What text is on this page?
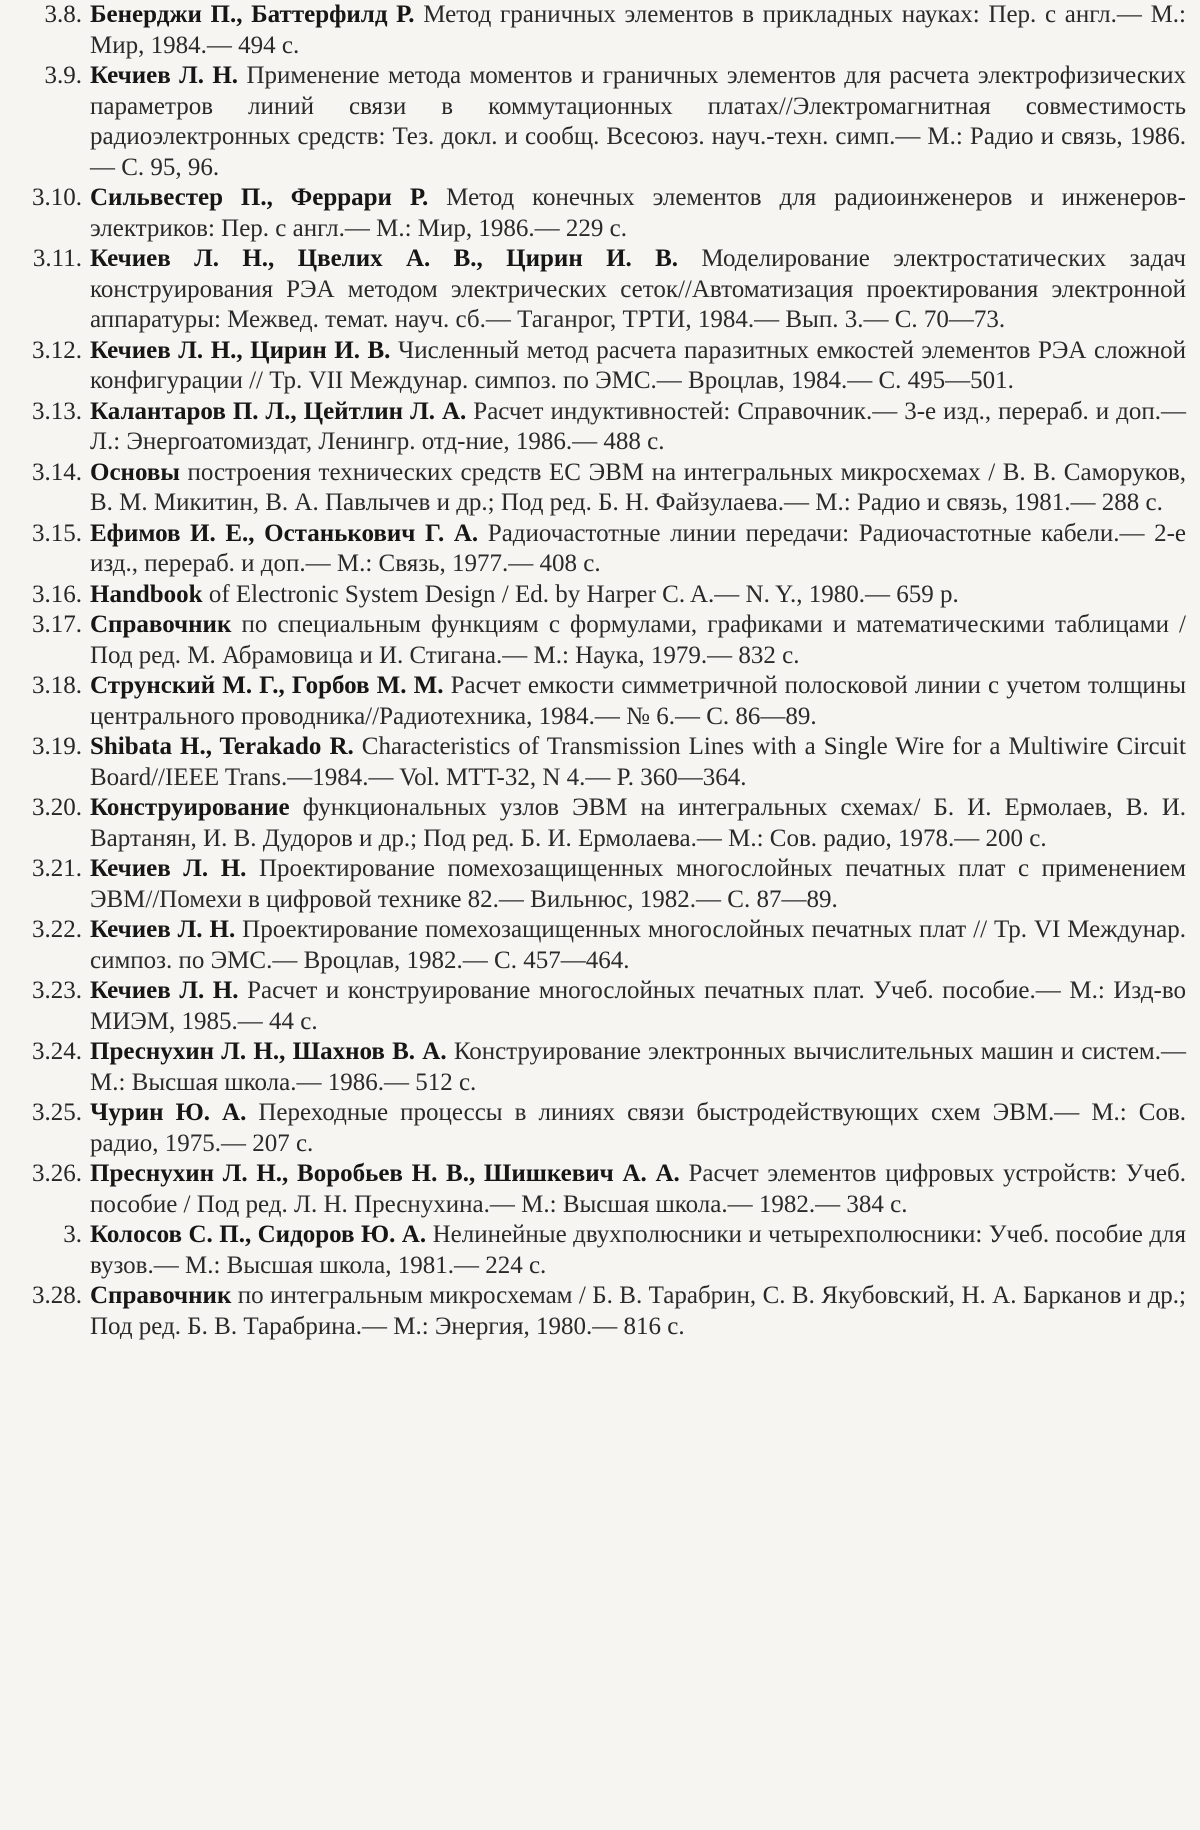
3.8. Бенерджи П., Баттерфилд Р. Метод граничных элементов в прикладных науках: Пер. с англ.— М.: Мир, 1984.— 494 с.
3.9. Кечиев Л. Н. Применение метода моментов и граничных элементов для расчета электрофизических параметров линий связи в коммутационных платах//Электромагнитная совместимость радиоэлектронных средств: Тез. докл. и сообщ. Всесоюз. науч.-техн. симп.— М.: Радио и связь, 1986.— С. 95, 96.
3.10. Сильвестер П., Феррари Р. Метод конечных элементов для радиоинженеров и инженеров-электриков: Пер. с англ.— М.: Мир, 1986.— 229 с.
3.11. Кечиев Л. Н., Цвелих А. В., Цирин И. В. Моделирование электростатических задач конструирования РЭА методом электрических сеток//Автоматизация проектирования электронной аппаратуры: Межвед. темат. науч. сб.— Таганрог, ТРТИ, 1984.— Вып. 3.— С. 70—73.
3.12. Кечиев Л. Н., Цирин И. В. Численный метод расчета паразитных емкостей элементов РЭА сложной конфигурации // Тр. VII Междунар. симпоз. по ЭМС.— Вроцлав, 1984.— С. 495—501.
3.13. Калантаров П. Л., Цейтлин Л. А. Расчет индуктивностей: Справочник.— 3-е изд., перераб. и доп.— Л.: Энергоатомиздат, Ленингр. отд-ние, 1986.— 488 с.
3.14. Основы построения технических средств ЕС ЭВМ на интегральных микросхемах / В. В. Саморуков, В. М. Микитин, В. А. Павлычев и др.; Под ред. Б. Н. Файзулаева.— М.: Радио и связь, 1981.— 288 с.
3.15. Ефимов И. Е., Останькович Г. А. Радиочастотные линии передачи: Радиочастотные кабели.— 2-е изд., перераб. и доп.— М.: Связь, 1977.— 408 с.
3.16. Handbook of Electronic System Design / Ed. by Harper C. A.— N. Y., 1980.— 659 p.
3.17. Справочник по специальным функциям с формулами, графиками и математическими таблицами / Под ред. М. Абрамовица и И. Стигана.— М.: Наука, 1979.— 832 с.
3.18. Струнский М. Г., Горбов М. М. Расчет емкости симметричной полосковой линии с учетом толщины центрального проводника//Радиотехника, 1984.— № 6.— С. 86—89.
3.19. Shibata H., Terakado R. Characteristics of Transmission Lines with a Single Wire for a Multiwire Circuit Board//IEEE Trans.—1984.— Vol. MTT-32, N 4.— P. 360—364.
3.20. Конструирование функциональных узлов ЭВМ на интегральных схемах/ Б. И. Ермолаев, В. И. Вартанян, И. В. Дудоров и др.; Под ред. Б. И. Ермолаева.— М.: Сов. радио, 1978.— 200 с.
3.21. Кечиев Л. Н. Проектирование помехозащищенных многослойных печатных плат с применением ЭВМ//Помехи в цифровой технике 82.— Вильнюс, 1982.— С. 87—89.
3.22. Кечиев Л. Н. Проектирование помехозащищенных многослойных печатных плат // Тр. VI Междунар. симпоз. по ЭМС.— Вроцлав, 1982.— С. 457—464.
3.23. Кечиев Л. Н. Расчет и конструирование многослойных печатных плат. Учеб. пособие.— М.: Изд-во МИЭМ, 1985.— 44 с.
3.24. Преснухин Л. Н., Шахнов В. А. Конструирование электронных вычислительных машин и систем.— М.: Высшая школа.— 1986.— 512 с.
3.25. Чурин Ю. А. Переходные процессы в линиях связи быстродействующих схем ЭВМ.— М.: Сов. радио, 1975.— 207 с.
3.26. Преснухин Л. Н., Воробьев Н. В., Шишкевич А. А. Расчет элементов цифровых устройств: Учеб. пособие / Под ред. Л. Н. Преснухина.— М.: Высшая школа.— 1982.— 384 с.
3. Колосов С. П., Сидоров Ю. А. Нелинейные двухполюсники и четырехполюсники: Учеб. пособие для вузов.— М.: Высшая школа, 1981.— 224 с.
3.28. Справочник по интегральным микросхемам / Б. В. Тарабрин, С. В. Якубовский, Н. А. Барканов и др.; Под ред. Б. В. Тарабрина.— М.: Энергия, 1980.— 816 с.
